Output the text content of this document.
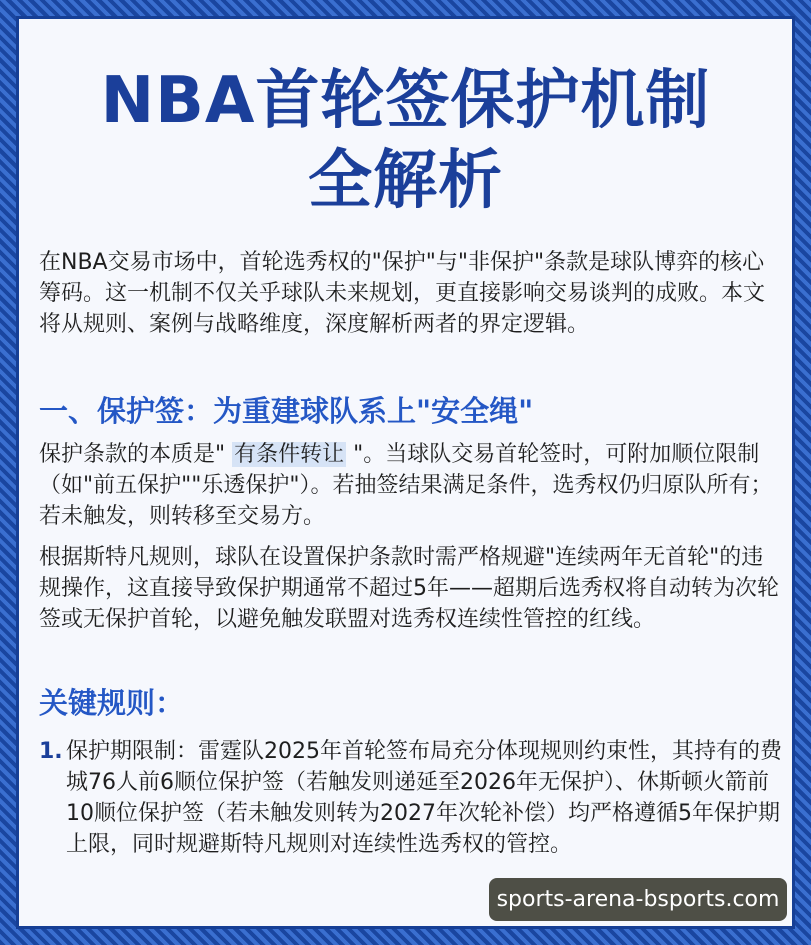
NBA首轮签保护机制
全解析

在NBA交易市场中，首轮选秀权的"保护"与"非保护"条款是球队博弈的核心筹码。这一机制不仅关乎球队未来规划，更直接影响交易谈判的成败。本文将从规则、案例与战略维度，深度解析两者的界定逻辑。

一、保护签：为重建球队系上"安全绳"

保护条款的本质是" 有条件转让 "。当球队交易首轮签时，可附加顺位限制（如"前五保护""乐透保护"）。若抽签结果满足条件，选秀权仍归原队所有；若未触发，则转移至交易方。

根据斯特凡规则，球队在设置保护条款时需严格规避"连续两年无首轮"的违规操作，这直接导致保护期通常不超过5年——超期后选秀权将自动转为次轮签或无保护首轮，以避免触发联盟对选秀权连续性管控的红线。

关键规则：
1. 保护期限制：雷霆队2025年首轮签布局充分体现规则约束性，其持有的费城76人前6顺位保护签（若触发则递延至2026年无保护）、休斯顿火箭前10顺位保护签（若未触发则转为2027年次轮补偿）均严格遵循5年保护期上限，同时规避斯特凡规则对连续性选秀权的管控。
sports-arena-bsports.com
